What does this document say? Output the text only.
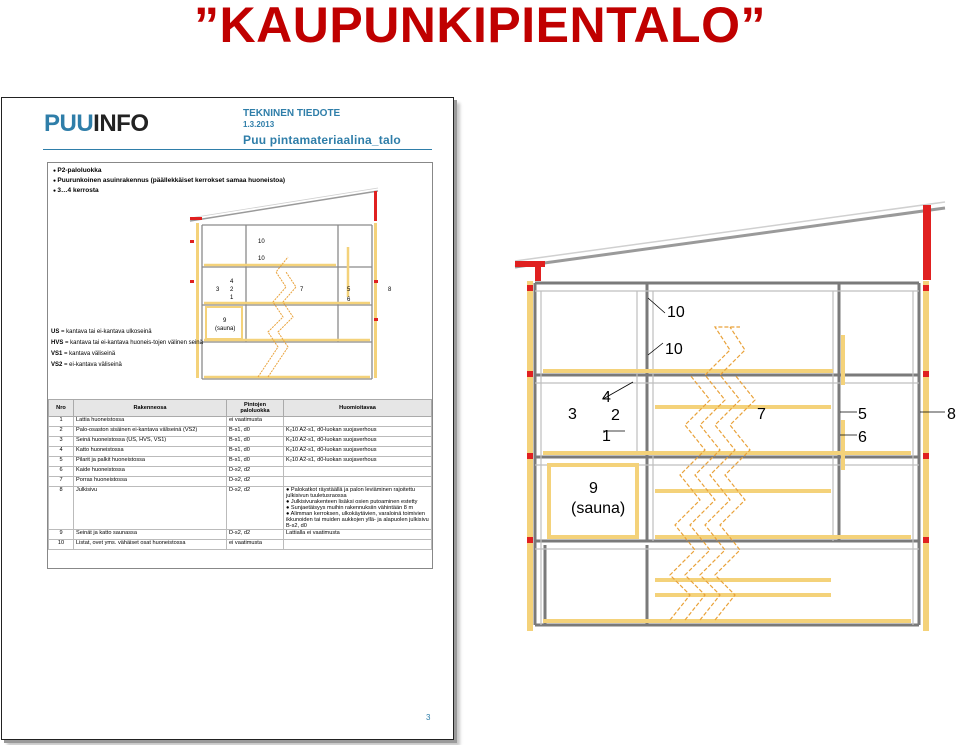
”KAUPUNKIPIENTALO”
PUUINFO	TEKNINEN TIEDOTE
1.3.2013
Puu pintamateriaalina_talo
● P2-paloluokka
● Puurunkoinen asuinrakennus (päällekkäiset kerrokset samaa huoneistoa)
● 3…4 kerrosta
10
10
3
4
2
1
7	5
6
8
9
(sauna)
US = kantava tai ei-kantava ulkoseinä
HVS = kantava tai ei-kantava huoneis-tojen välinen seinä
VS1 = kantava väliseinä
VS2 = ei-kantava väliseinä
Nro	Rakenneosa	Pintojen paloluokka	Huomioitavaa
1	Lattia huoneistossa	ei vaatimusta	
2	Palo-osaston sisäinen ei-kantava väliseinä (VS2)	B-s1, d0	K₂10 A2-s1, d0-luokan suojaverhous
3	Seinä huoneistossa (US, HVS, VS1)	B-s1, d0	K₂10 A2-s1, d0-luokan suojaverhous
4	Katto huoneistossa	B-s1, d0	K₂10 A2-s1, d0-luokan suojaverhous
5	Pilarit ja palkit huoneistossa	B-s1, d0	K₂10 A2-s1, d0-luokan suojaverhous
6	Kaide huoneistossa	D-s2, d2	
7	Porras huoneistossa	D-s2, d2	
8	Julkisivu	D-s2, d2	● Palokatkot räystäällä ja palon leviäminen rajoitettu julkisivun tuuletusraossa
● Julkisivurakenteen lisäksi osien putoaminen estetty
● Sunjaetäisyys muihin rakennuksiin vähintään 8 m
● Alimman kerroksen, ulkokäytävien, varaloinä toimivien ikkunoiden tai muiden aukkojen yllä- ja alapuolen julkisivu B-s2, d0
9	Seinät ja katto saunassa	D-s2, d2	Lattialla ei vaatimusta
10	Listat, ovet yms. vähäiset osat huoneistossa	ei vaatimusta	
3
10
10
3
4
2
1
7	5
6
8
9
(sauna)
